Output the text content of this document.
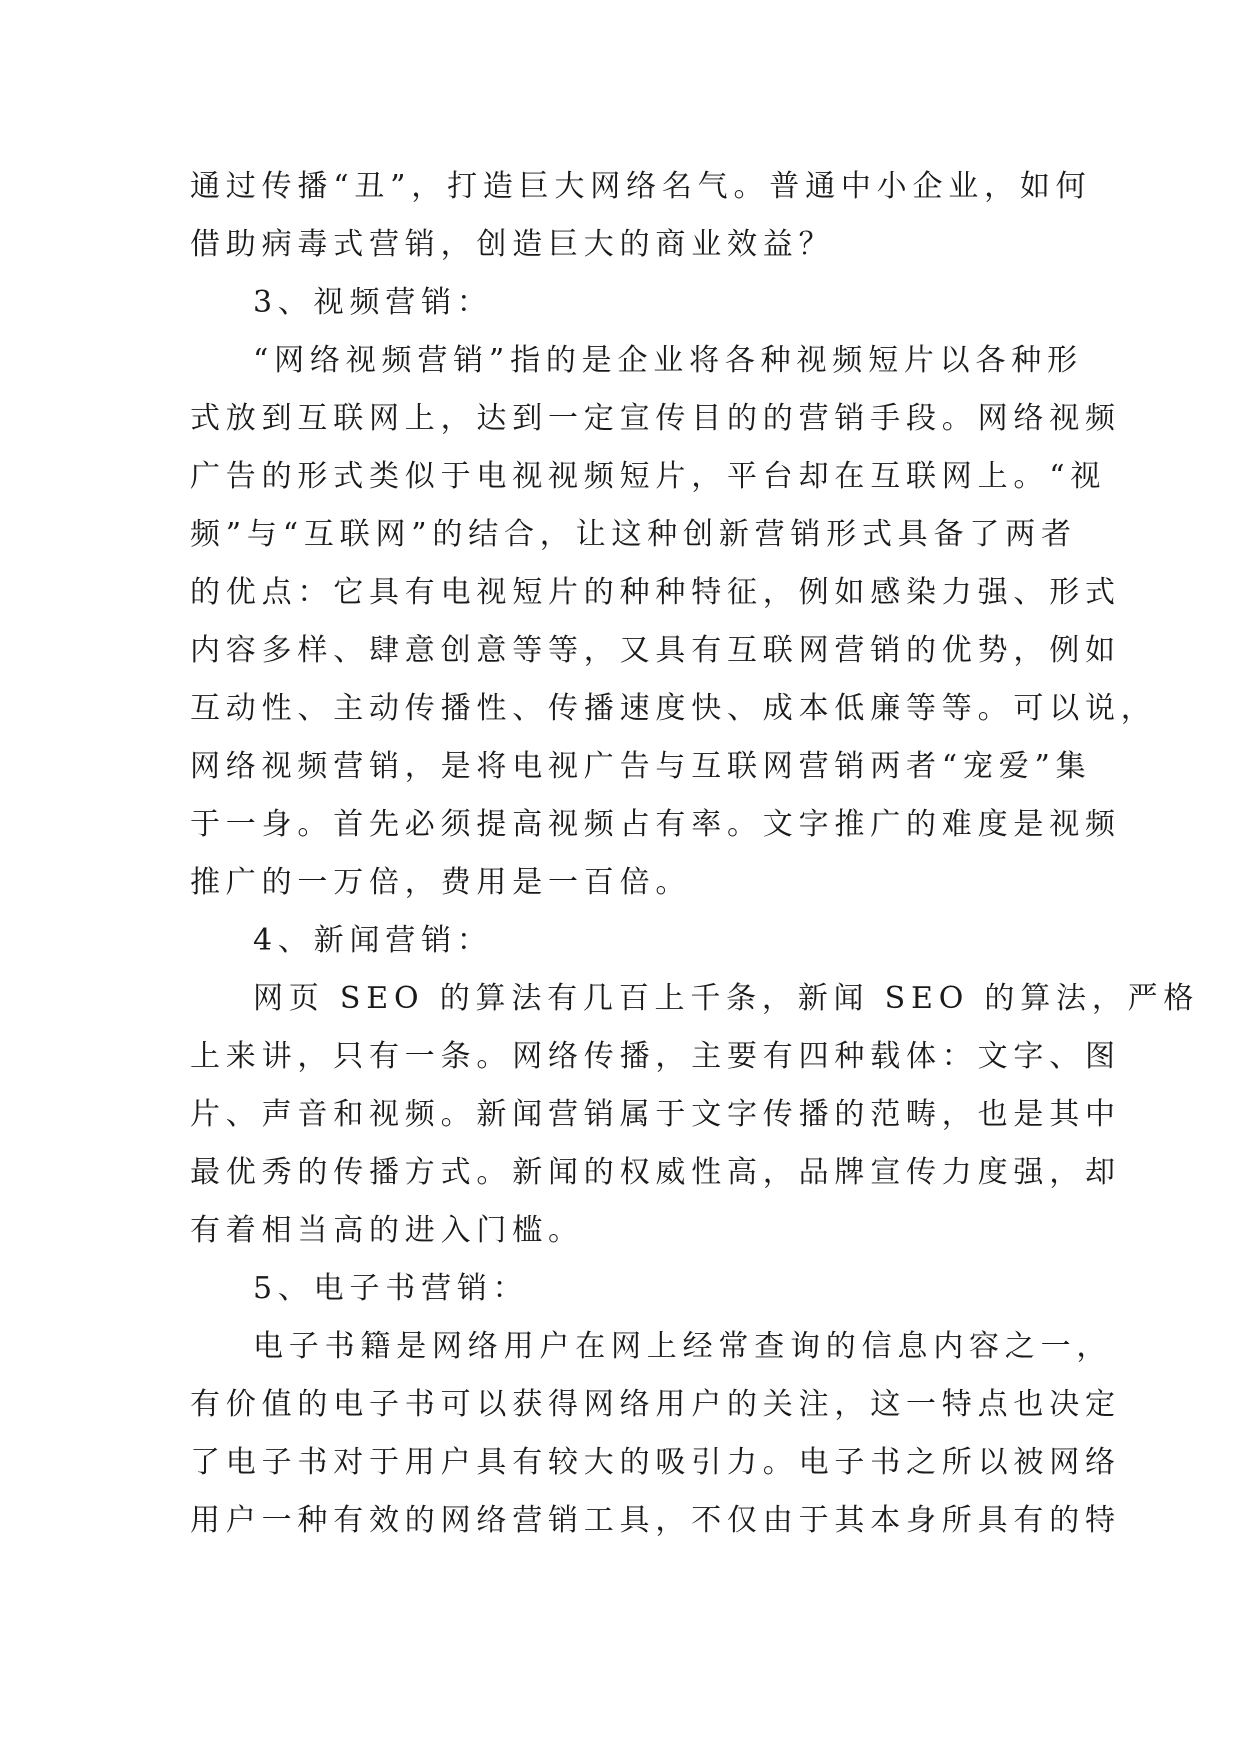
通过传播“丑”，打造巨大网络名气。普通中小企业，如何
借助病毒式营销，创造巨大的商业效益？
3、视频营销：
“网络视频营销”指的是企业将各种视频短片以各种形
式放到互联网上，达到一定宣传目的的营销手段。网络视频
广告的形式类似于电视视频短片，平台却在互联网上。“视
频”与“互联网”的结合，让这种创新营销形式具备了两者
的优点：它具有电视短片的种种特征，例如感染力强、形式
内容多样、肆意创意等等，又具有互联网营销的优势，例如
互动性、主动传播性、传播速度快、成本低廉等等。可以说，
网络视频营销，是将电视广告与互联网营销两者“宠爱”集
于一身。首先必须提高视频占有率。文字推广的难度是视频
推广的一万倍，费用是一百倍。
4、新闻营销：
网页 SEO 的算法有几百上千条，新闻 SEO 的算法，严格
上来讲，只有一条。网络传播，主要有四种载体：文字、图
片、声音和视频。新闻营销属于文字传播的范畴，也是其中
最优秀的传播方式。新闻的权威性高，品牌宣传力度强，却
有着相当高的进入门槛。
5、电子书营销：
电子书籍是网络用户在网上经常查询的信息内容之一，
有价值的电子书可以获得网络用户的关注，这一特点也决定
了电子书对于用户具有较大的吸引力。电子书之所以被网络
用户一种有效的网络营销工具，不仅由于其本身所具有的特
